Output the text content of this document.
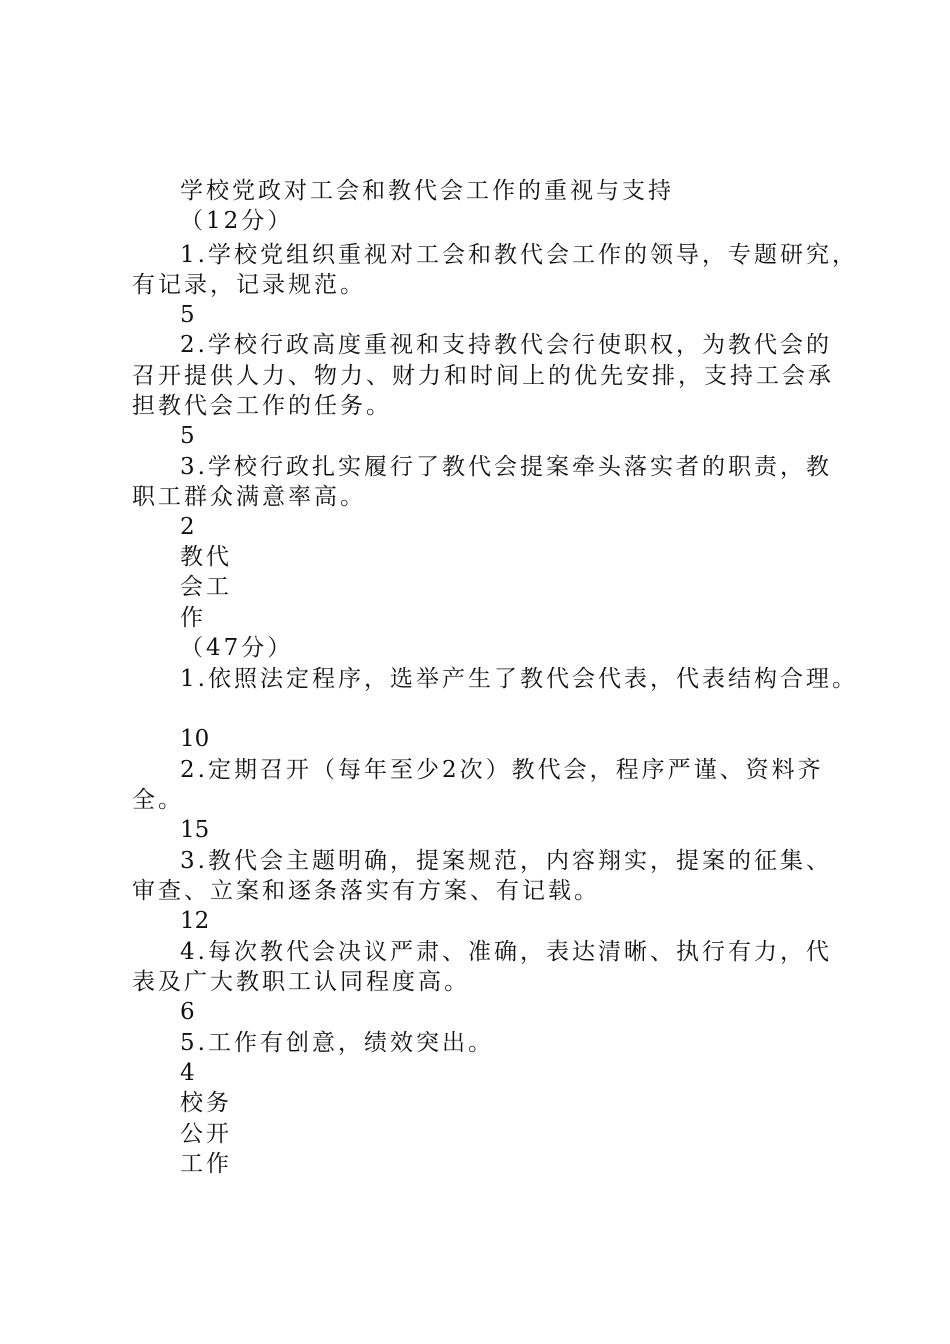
学校党政对工会和教代会工作的重视与支持
（12分）
1.学校党组织重视对工会和教代会工作的领导，专题研究，
有记录，记录规范。
5
2.学校行政高度重视和支持教代会行使职权，为教代会的
召开提供人力、物力、财力和时间上的优先安排，支持工会承
担教代会工作的任务。
5
3.学校行政扎实履行了教代会提案牵头落实者的职责，教
职工群众满意率高。
2
教代
会工
作
（47分）
1.依照法定程序，选举产生了教代会代表，代表结构合理。
10
2.定期召开（每年至少2次）教代会，程序严谨、资料齐
全。
15
3.教代会主题明确，提案规范，内容翔实，提案的征集、
审查、立案和逐条落实有方案、有记载。
12
4.每次教代会决议严肃、准确，表达清晰、执行有力，代
表及广大教职工认同程度高。
6
5.工作有创意，绩效突出。
4
校务
公开
工作
